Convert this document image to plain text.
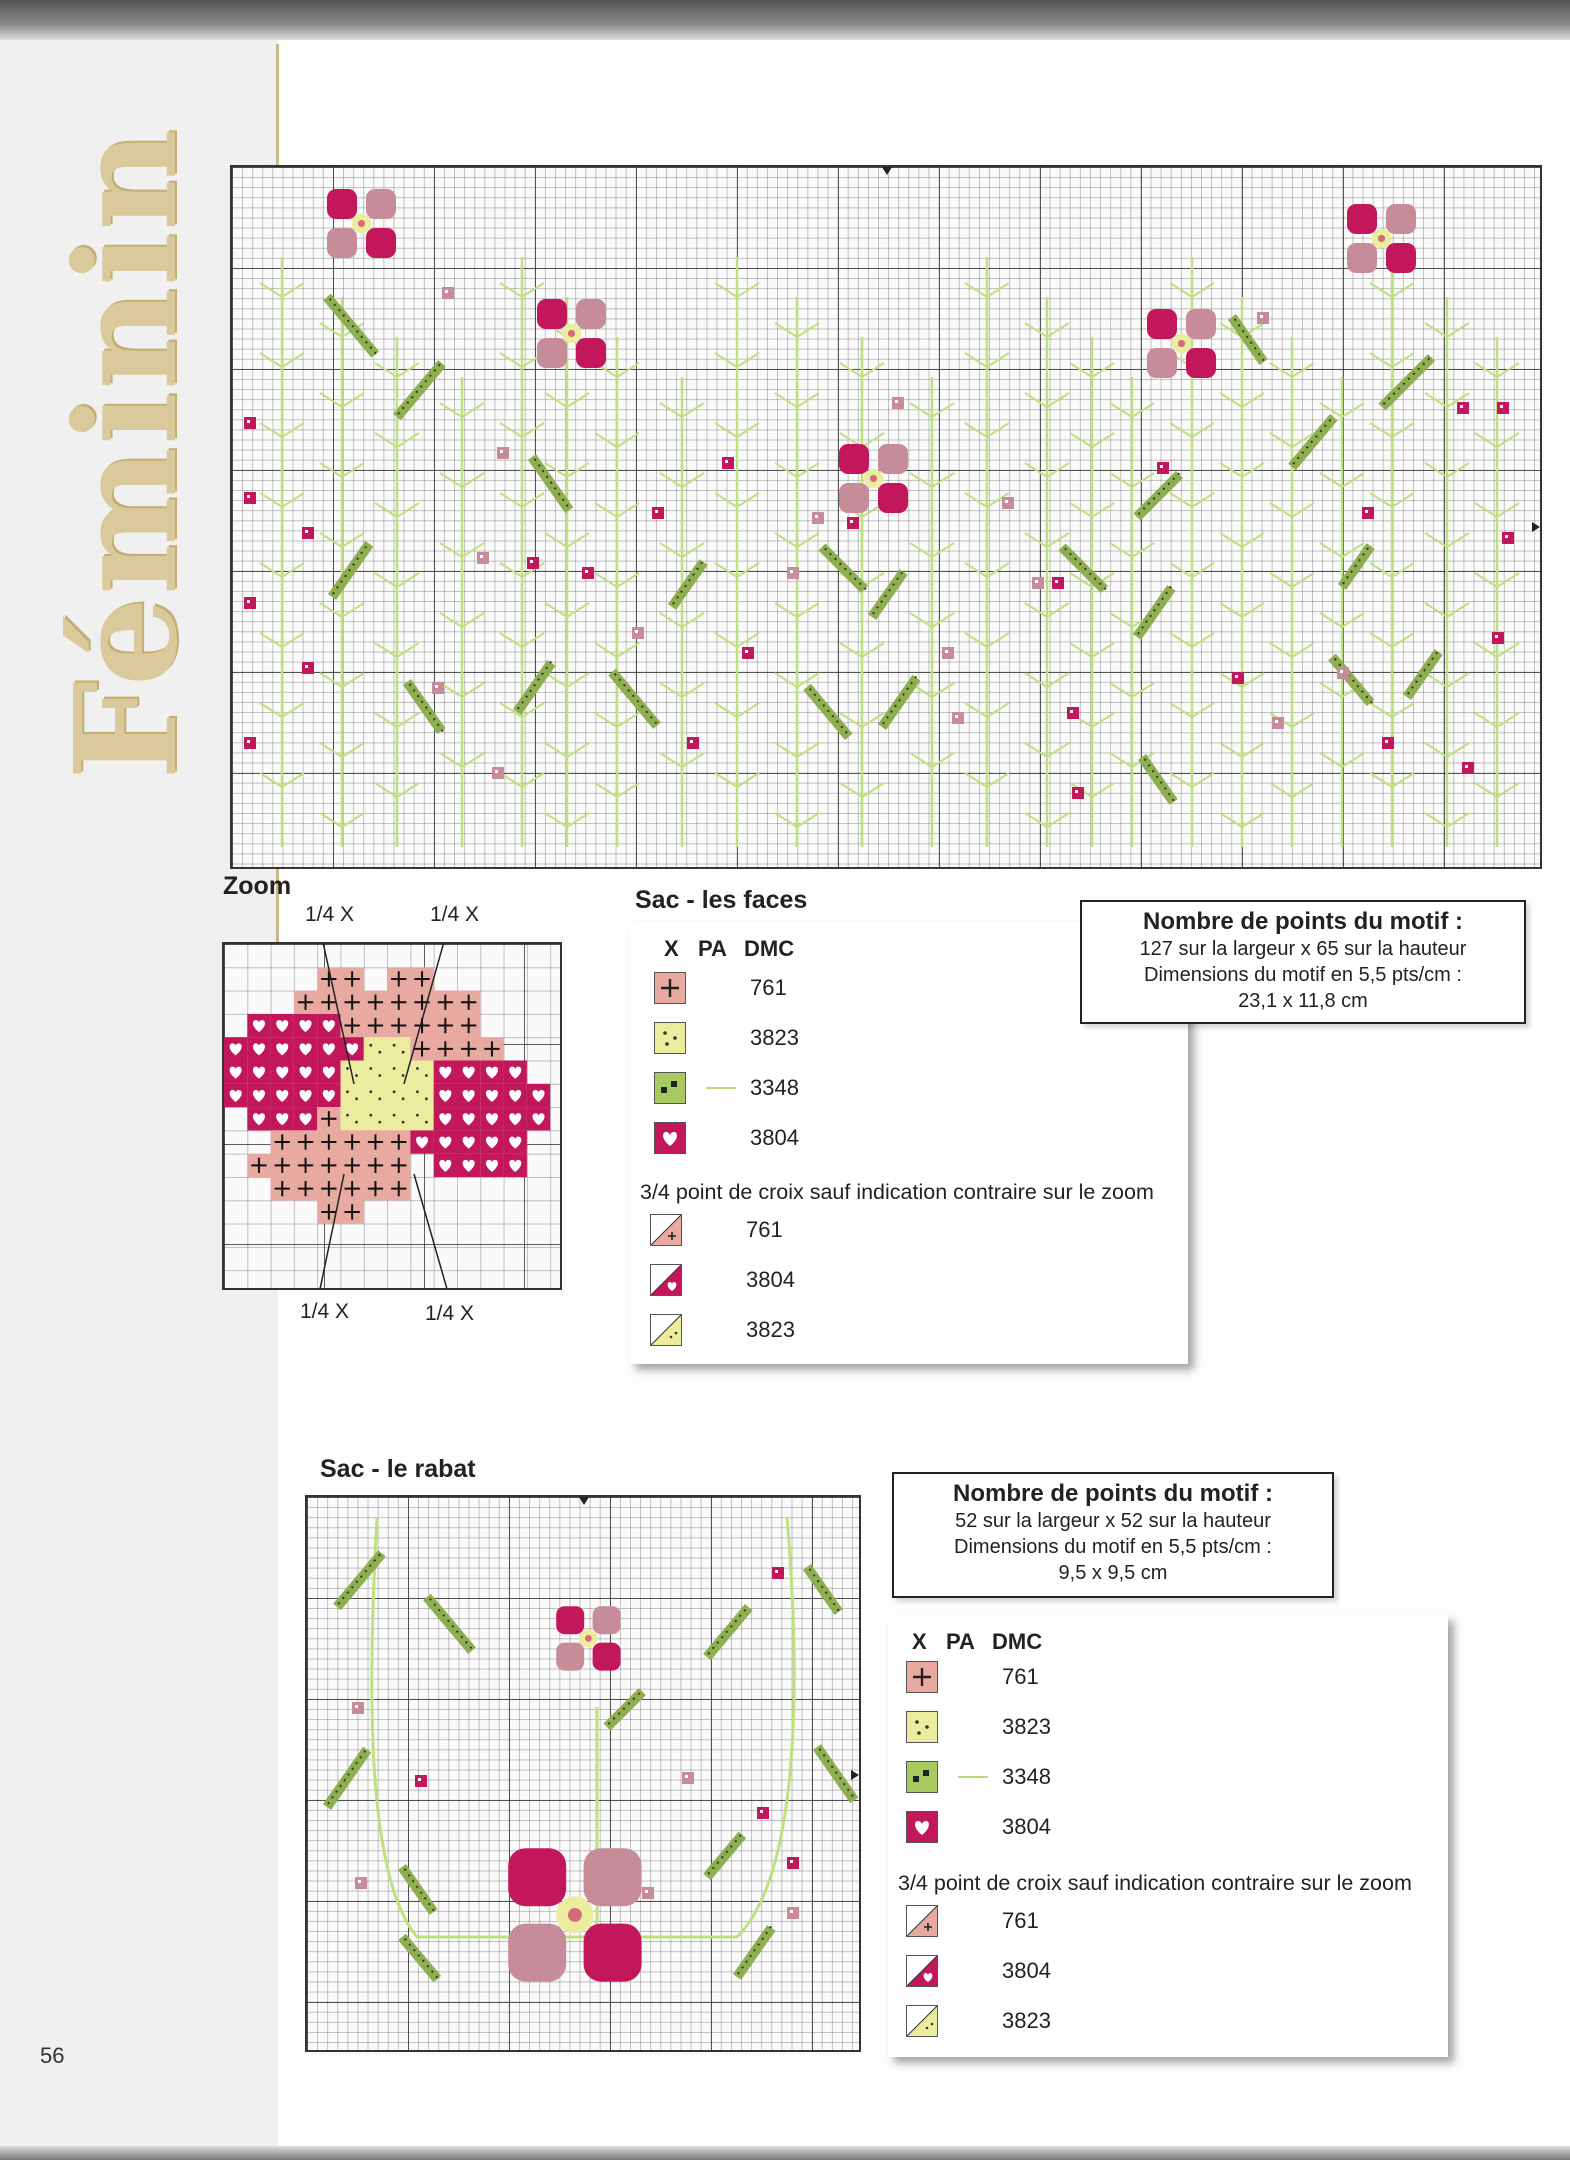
Féminin
Zoom
1/4 X	1/4 X
1/4 X	1/4 X
Sac - les faces
X PA DMC
761
3823
3348
3804
3/4 point de croix sauf indication contraire sur le zoom
761
3804
3823
Nombre de points du motif :
127 sur la largeur x 65 sur la hauteur
Dimensions du motif en 5,5 pts/cm :
23,1 x 11,8 cm
Sac - le rabat
Nombre de points du motif :
52 sur la largeur x 52 sur la hauteur
Dimensions du motif en 5,5 pts/cm :
9,5 x 9,5 cm
X PA DMC
761
3823
3348
3804
3/4 point de croix sauf indication contraire sur le zoom
761
3804
3823
56
